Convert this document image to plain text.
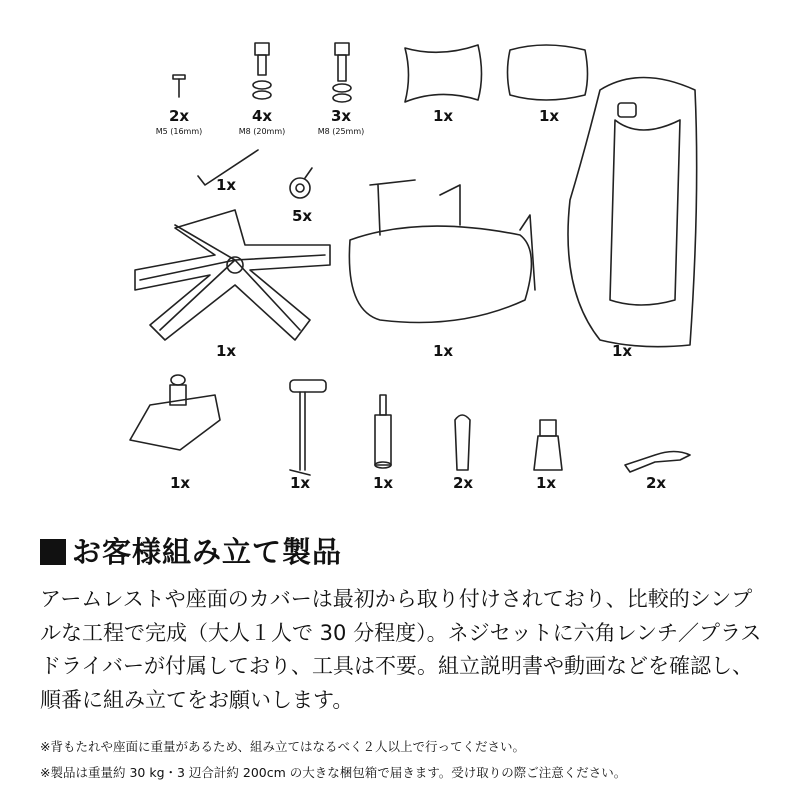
2x
M5 (16mm)
4x
M8 (20mm)
3x
M8 (25mm)
1x	1x
1x
5x
1x	1x	1x
1x	1x	1x	2x	1x	2x
お客様組み立て製品
アームレストや座面のカバーは最初から取り付けされており、比較的シンプルな工程で完成（大人１人で 30 分程度）。ネジセットに六角レンチ／プラスドライバーが付属しており、工具は不要。組立説明書や動画などを確認し、順番に組み立てをお願いします。
※背もたれや座面に重量があるため、組み立てはなるべく２人以上で行ってください。
※製品は重量約 30 kg・3 辺合計約 200cm の大きな梱包箱で届きます。受け取りの際ご注意ください。
